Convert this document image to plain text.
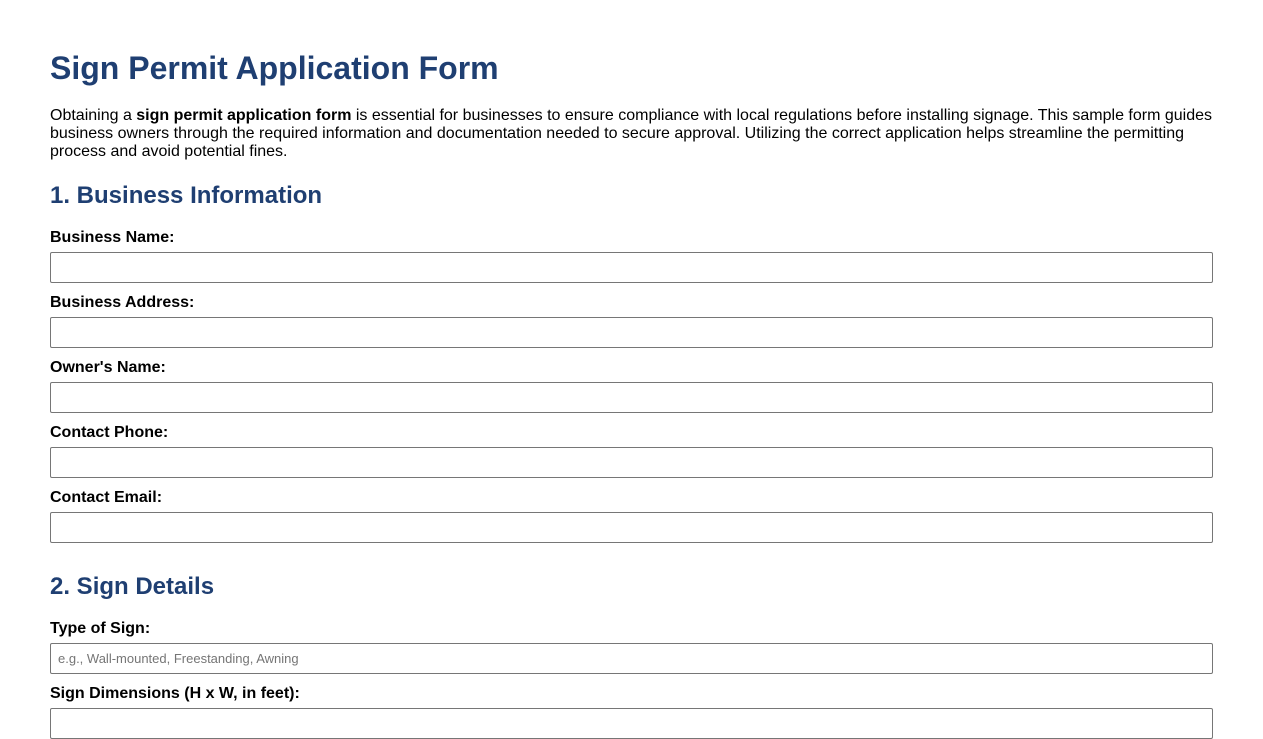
Sign Permit Application Form

Obtaining a sign permit application form is essential for businesses to ensure compliance with local regulations before installing signage. This sample form guides business owners through the required information and documentation needed to secure approval. Utilizing the correct application helps streamline the permitting process and avoid potential fines.

1. Business Information
Business Name:
Business Address:
Owner's Name:
Contact Phone:
Contact Email:
2. Sign Details
Type of Sign:
e.g., Wall-mounted, Freestanding, Awning
Sign Dimensions (H x W, in feet):
